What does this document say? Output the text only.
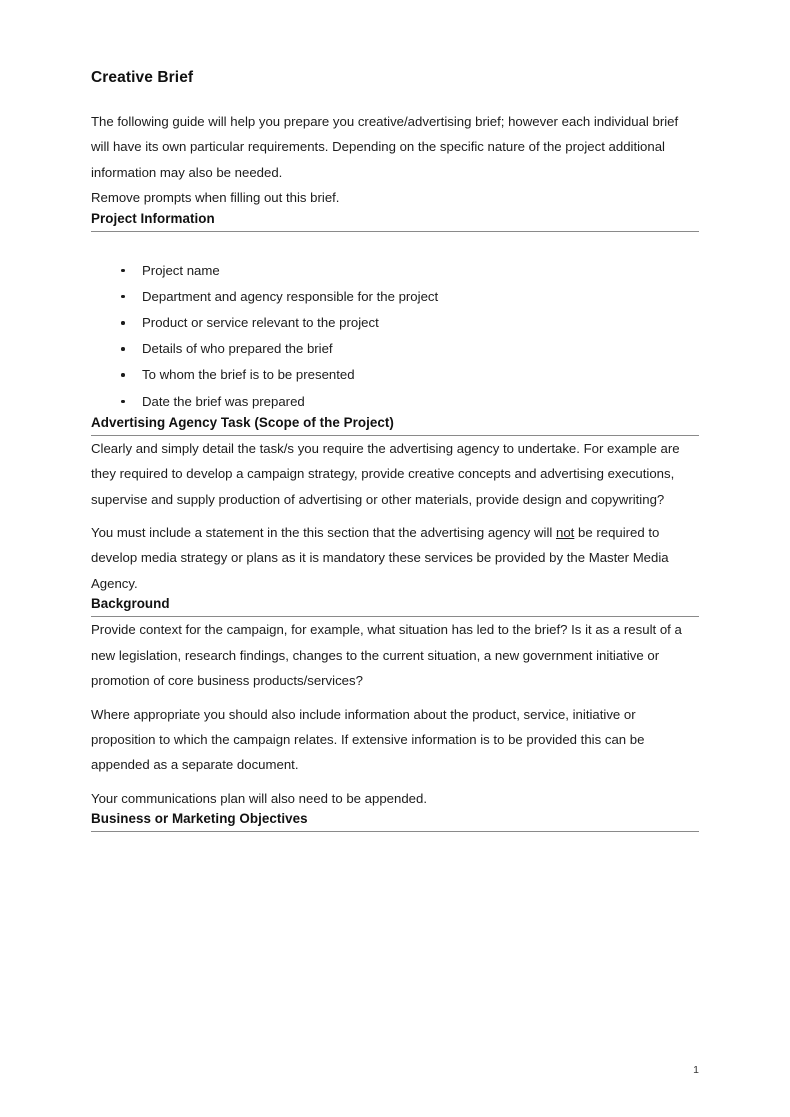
Creative Brief

The following guide will help you prepare you creative/advertising brief; however each individual brief will have its own particular requirements. Depending on the specific nature of the project additional information may also be needed.

Remove prompts when filling out this brief.

Project Information
Project name
Department and agency responsible for the project
Product or service relevant to the project
Details of who prepared the brief
To whom the brief is to be presented
Date the brief was prepared
Advertising Agency Task (Scope of the Project)

Clearly and simply detail the task/s you require the advertising agency to undertake. For example are they required to develop a campaign strategy, provide creative concepts and advertising executions, supervise and supply production of advertising or other materials, provide design and copywriting?

You must include a statement in the this section that the advertising agency will not be required to develop media strategy or plans as it is mandatory these services be provided by the Master Media Agency.

Background

Provide context for the campaign, for example, what situation has led to the brief? Is it as a result of a new legislation, research findings, changes to the current situation, a new government initiative or promotion of core business products/services?

Where appropriate you should also include information about the product, service, initiative or proposition to which the campaign relates. If extensive information is to be provided this can be appended as a separate document.

Your communications plan will also need to be appended.

Business or Marketing Objectives
1
